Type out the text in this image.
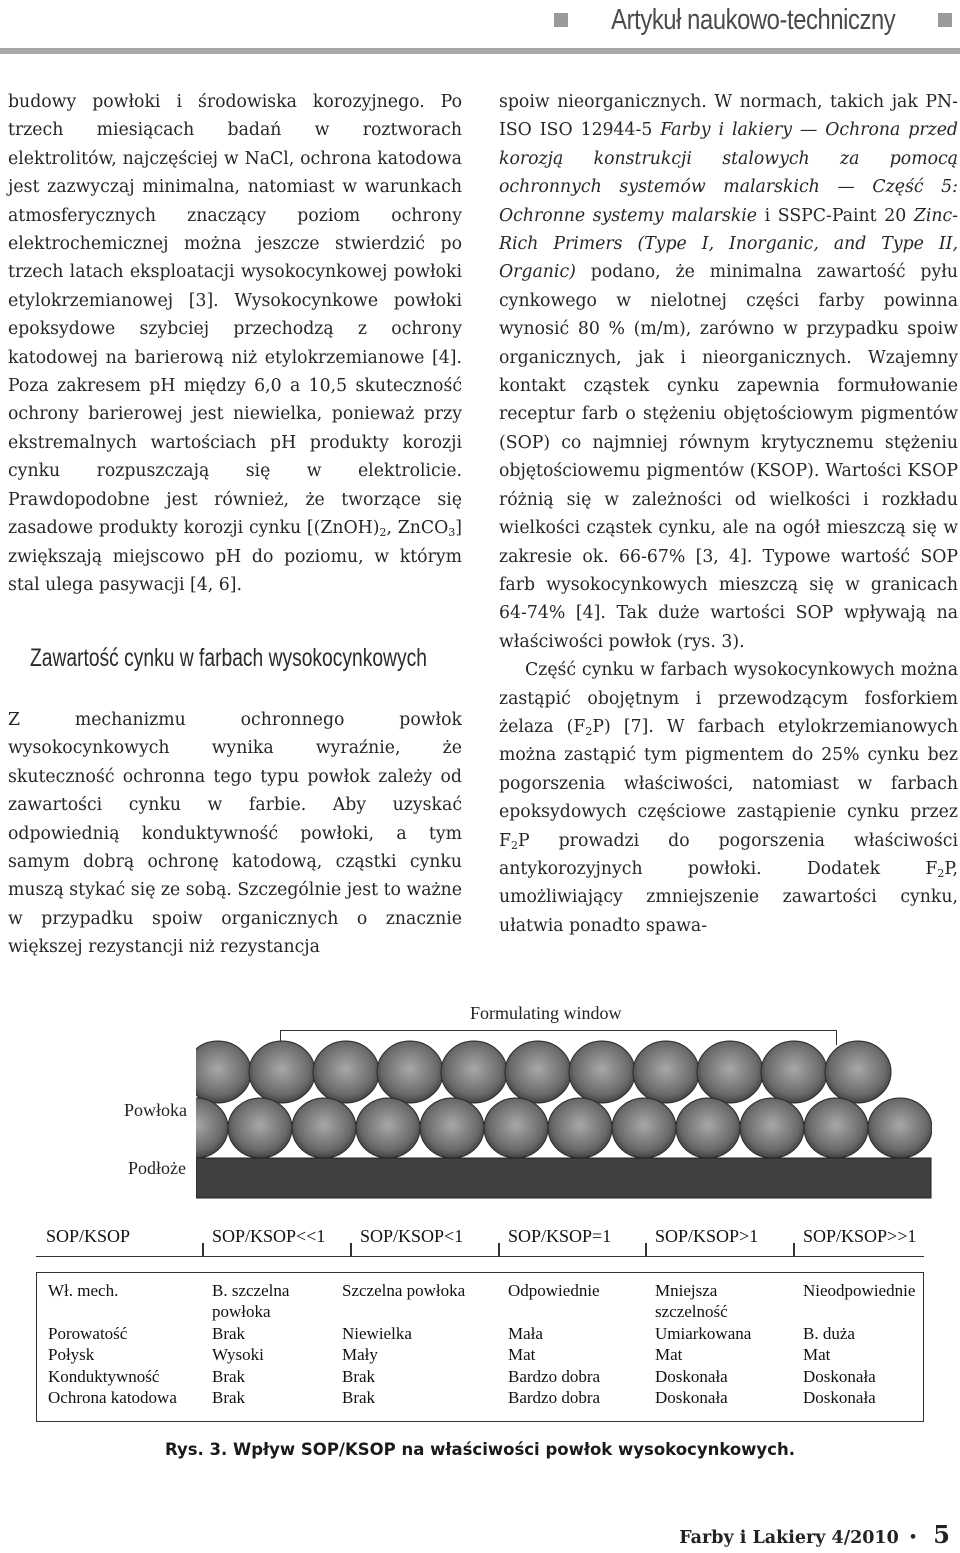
Artykuł naukowo-techniczny

budowy powłoki i środowiska korozyjnego. Po trzech miesiącach badań w roztworach elektrolitów, najczęściej w NaCl, ochrona katodowa jest zazwyczaj minimalna, natomiast w warunkach atmosferycznych znaczący poziom ochrony elektrochemicznej można jeszcze stwierdzić po trzech latach eksploatacji wysokocynkowej powłoki etylokrzemianowej [3]. Wysokocynkowe powłoki epoksydowe szybciej przechodzą z ochrony katodowej na barierową niż etylokrzemianowe [4]. Poza zakresem pH między 6,0 a 10,5 skuteczność ochrony barierowej jest niewielka, ponieważ przy ekstremalnych wartościach pH produkty korozji cynku rozpuszczają się w elektrolicie. Prawdopodobne jest również, że tworzące się zasadowe produkty korozji cynku [$(ZnOH)_2$, ZnCO$_3$] zwiększają miejscowo pH do poziomu, w którym stal ulega pasywacji [4, 6].

Zawartość cynku w farbach wysokocynkowych

Z mechanizmu ochronnego powłok wysokocynkowych wynika wyraźnie, że skuteczność ochronna tego typu powłok zależy od zawartości cynku w farbie. Aby uzyskać odpowiednią konduktywność powłoki, a tym samym dobrą ochronę katodową, cząstki cynku muszą stykać się ze sobą. Szczególnie jest to ważne w przypadku spoiw organicznych o znacznie większej rezystancji niż rezystancja

spoiw nieorganicznych. W normach, takich jak PN-ISO ISO 12944-5 Farby i lakiery — Ochrona przed korozją konstrukcji stalowych za pomocą ochronnych systemów malarskich — Część 5: Ochronne systemy malarskie i SSPC-Paint 20 Zinc-Rich Primers (Type I, Inorganic, and Type II, Organic) podano, że minimalna zawartość pyłu cynkowego w nielotnej części farby powinna wynosić 80 % (m/m), zarówno w przypadku spoiw organicznych, jak i nieorganicznych. Wzajemny kontakt cząstek cynku zapewnia formułowanie receptur farb o stężeniu objętościowym pigmentów (SOP) co najmniej równym krytycznemu stężeniu objętościowemu pigmentów (KSOP). Wartości KSOP różnią się w zależności od wielkości i rozkładu wielkości cząstek cynku, ale na ogół mieszczą się w zakresie ok. 66-67% [3, 4]. Typowe wartość SOP farb wysokocynkowych mieszczą się w granicach 64-74% [4]. Tak duże wartości SOP wpływają na właściwości powłok (rys. 3).

Część cynku w farbach wysokocynkowych można zastąpić obojętnym i przewodzącym fosforkiem żelaza $(F_2P)$ [7]. W farbach etylokrzemianowych można zastąpić tym pigmentem do 25% cynku bez pogorszenia właściwości, natomiast w farbach epoksydowych częściowe zastąpienie cynku przez $F_2P$ prowadzi do pogorszenia właściwości antykorozyjnych powłoki. Dodatek $F_2P$, umożliwiający zmniejszenie zawartości cynku, ułatwia ponadto spawa-

Formulating window
Powłoka
Podłoże
SOP/KSOP	SOP/KSOP<<1 SOP/KSOP<1 SOP/KSOP=1 SOP/KSOP>1 SOP/KSOP>>1
Wł. mech.

Porowatość
Połysk
Konduktywność
Ochrona katodowa
B. szczelna
powłoka
Brak
Wysoki
Brak
Brak
Szczelna powłoka

Niewielka
Mały
Brak
Brak
Odpowiednie

Mała
Mat
Bardzo dobra
Bardzo dobra
Mniejsza
szczelność
Umiarkowana
Mat
Doskonała
Doskonała
Nieodpowiednie

B. duża
Mat
Doskonała
Doskonała
Rys. 3. Wpływ SOP/KSOP na właściwości powłok wysokocynkowych.
Farby i Lakiery 4/2010 • 5
